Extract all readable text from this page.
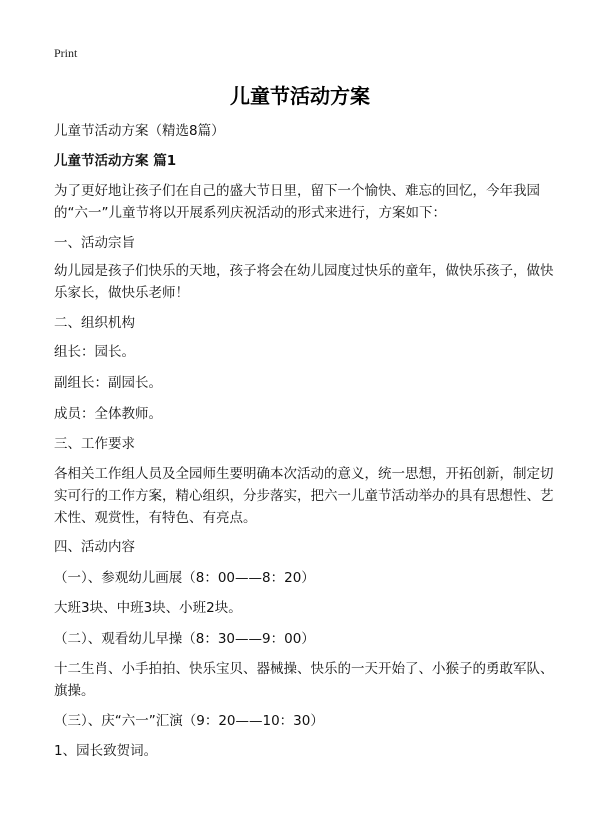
Print
儿童节活动方案

儿童节活动方案（精选8篇）

儿童节活动方案 篇1

为了更好地让孩子们在自己的盛大节日里，留下一个愉快、难忘的回忆，今年我园的“六一”儿童节将以开展系列庆祝活动的形式来进行，方案如下：

一、活动宗旨

幼儿园是孩子们快乐的天地，孩子将会在幼儿园度过快乐的童年，做快乐孩子，做快乐家长，做快乐老师！

二、组织机构

组长：园长。

副组长：副园长。

成员：全体教师。

三、工作要求

各相关工作组人员及全园师生要明确本次活动的意义，统一思想，开拓创新，制定切实可行的工作方案，精心组织，分步落实，把六一儿童节活动举办的具有思想性、艺术性、观赏性，有特色、有亮点。

四、活动内容

（一）、参观幼儿画展（8：00——8：20）

大班3块、中班3块、小班2块。

（二）、观看幼儿早操（8：30——9：00）

十二生肖、小手拍拍、快乐宝贝、器械操、快乐的一天开始了、小猴子的勇敢军队、旗操。

（三）、庆“六一”汇演（9：20——10：30）

1、园长致贺词。
